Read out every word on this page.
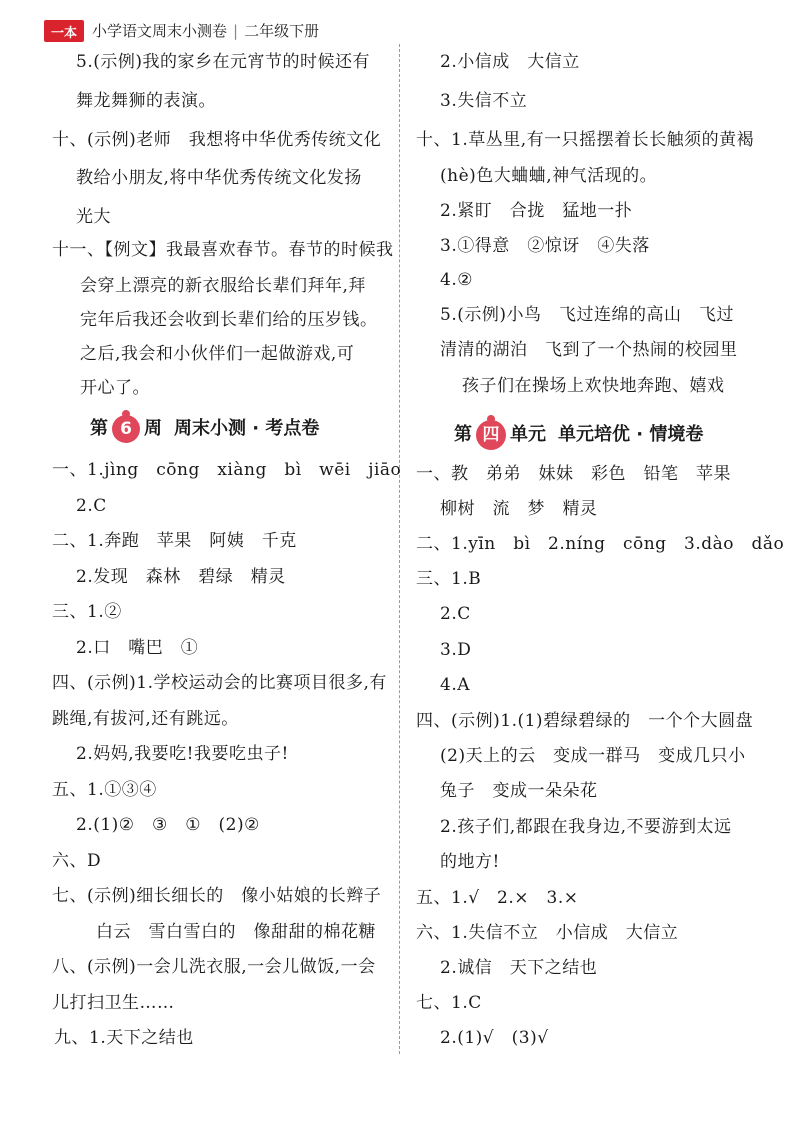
一本	小学语文周末小测卷 | 二年级下册
5.(示例)我的家乡在元宵节的时候还有
舞龙舞狮的表演。
十、(示例)老师　我想将中华优秀传统文化
教给小朋友,将中华优秀传统文化发扬
光大
十一、【例文】我最喜欢春节。春节的时候我
会穿上漂亮的新衣服给长辈们拜年,拜
完年后我还会收到长辈们给的压岁钱。
之后,我会和小伙伴们一起做游戏,可
开心了。
第 6 周 周末小测 · 考点卷
一、1.jìng　cōng　xiàng　bì　wēi　jiāo
2.C
二、1.奔跑　苹果　阿姨　千克
2.发现　森林　碧绿　精灵
三、1.②
2.口　嘴巴　①
四、(示例)1.学校运动会的比赛项目很多,有
跳绳,有拔河,还有跳远。
2.妈妈,我要吃!我要吃虫子!
五、1.①③④
2.(1)②　③　①　(2)②
六、D
七、(示例)细长细长的　像小姑娘的长辫子
白云　雪白雪白的　像甜甜的棉花糖
八、(示例)一会儿洗衣服,一会儿做饭,一会
儿打扫卫生……
九、1.天下之结也
2.小信成　大信立
3.失信不立
十、1.草丛里,有一只摇摆着长长触须的黄褐
(hè)色大蛐蛐,神气活现的。
2.紧盯　合拢　猛地一扑
3.①得意　②惊讶　④失落
4.②
5.(示例)小鸟　飞过连绵的高山　飞过
清清的湖泊　飞到了一个热闹的校园里
孩子们在操场上欢快地奔跑、嬉戏
第 四 单元 单元培优 · 情境卷
一、教　弟弟　妹妹　彩色　铅笔　苹果
柳树　流　梦　精灵
二、1.yīn　bì　2.níng　cōng　3.dào　dǎo
三、1.B
2.C
3.D
4.A
四、(示例)1.(1)碧绿碧绿的　一个个大圆盘
(2)天上的云　变成一群马　变成几只小
兔子　变成一朵朵花
2.孩子们,都跟在我身边,不要游到太远
的地方!
五、1.√　2.×　3.×
六、1.失信不立　小信成　大信立
2.诚信　天下之结也
七、1.C
2.(1)√　(3)√
